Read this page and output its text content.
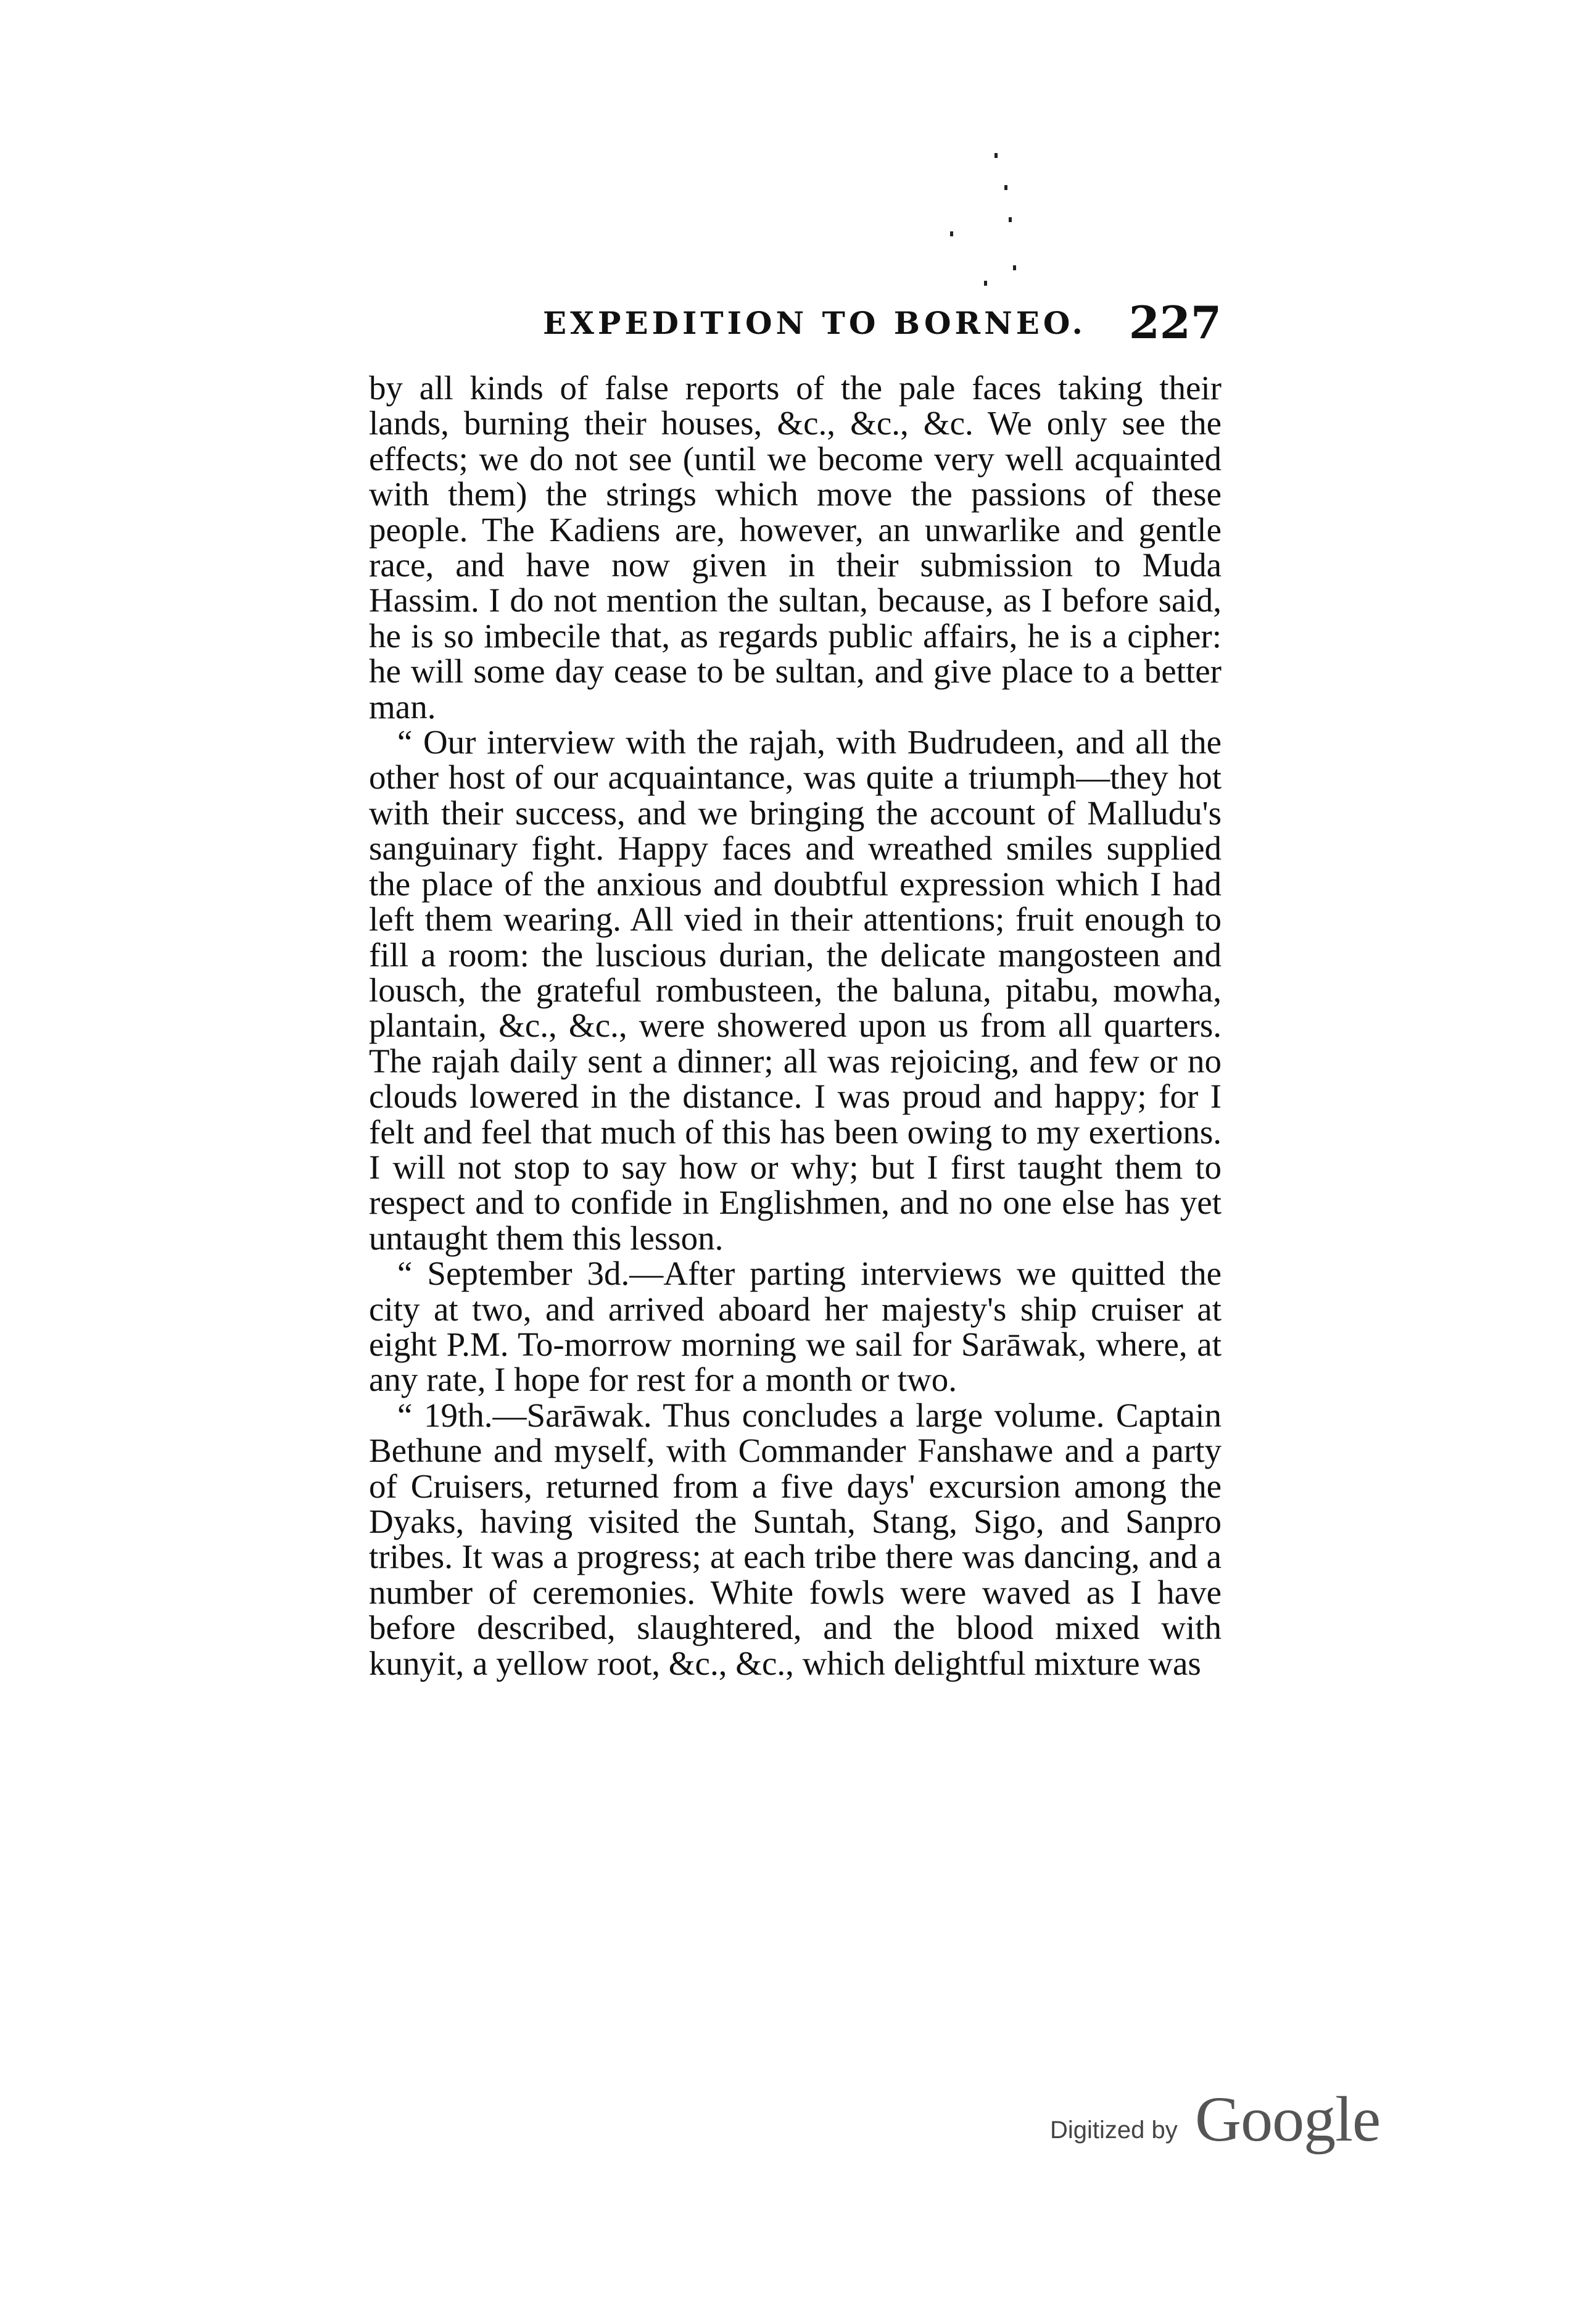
EXPEDITION TO BORNEO. 227

by all kinds of false reports of the pale faces taking their lands, burning their houses, &c., &c., &c. We only see the effects; we do not see (until we become very well acquainted with them) the strings which move the passions of these people. The Kadiens are, however, an unwarlike and gentle race, and have now given in their submission to Muda Hassim. I do not mention the sultan, because, as I before said, he is so imbecile that, as regards public affairs, he is a cipher: he will some day cease to be sultan, and give place to a better man.

“ Our interview with the rajah, with Budrudeen, and all the other host of our acquaintance, was quite a triumph—they hot with their success, and we bringing the account of Malludu's sanguinary fight. Happy faces and wreathed smiles supplied the place of the anxious and doubtful expression which I had left them wearing. All vied in their attentions; fruit enough to fill a room: the luscious durian, the delicate mangosteen and lousch, the grateful rombusteen, the baluna, pitabu, mowha, plantain, &c., &c., were showered upon us from all quarters. The rajah daily sent a dinner; all was rejoicing, and few or no clouds lowered in the distance. I was proud and happy; for I felt and feel that much of this has been owing to my exertions. I will not stop to say how or why; but I first taught them to respect and to confide in Englishmen, and no one else has yet untaught them this lesson.

“ September 3d.—After parting interviews we quitted the city at two, and arrived aboard her majesty's ship cruiser at eight P.M. To-morrow morning we sail for Sarāwak, where, at any rate, I hope for rest for a month or two.

“ 19th.—Sarāwak. Thus concludes a large volume. Captain Bethune and myself, with Commander Fanshawe and a party of Cruisers, returned from a five days' excursion among the Dyaks, having visited the Suntah, Stang, Sigo, and Sanpro tribes. It was a progress; at each tribe there was dancing, and a number of ceremonies. White fowls were waved as I have before described, slaughtered, and the blood mixed with kunyit, a yellow root, &c., &c., which delightful mixture was

Digitized by Google
